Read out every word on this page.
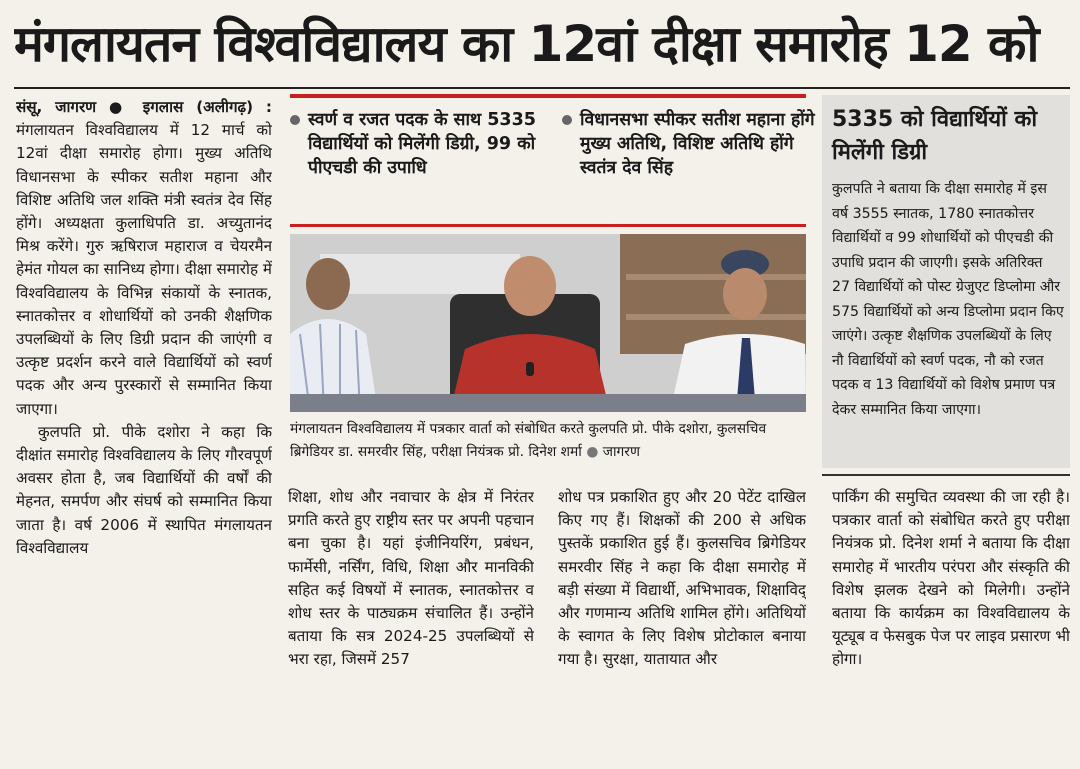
मंगलायतन विश्वविद्यालय का 12वां दीक्षा समारोह 12 को

संसू, जागरण ● इगलास (अलीगढ़) : मंगलायतन विश्वविद्यालय में 12 मार्च को 12वां दीक्षा समारोह होगा। मुख्य अतिथि विधानसभा के स्पीकर सतीश महाना और विशिष्ट अतिथि जल शक्ति मंत्री स्वतंत्र देव सिंह होंगे। अध्यक्षता कुलाधिपति डा. अच्युतानंद मिश्र करेंगे। गुरु ऋषिराज महाराज व चेयरमैन हेमंत गोयल का सानिध्य होगा। दीक्षा समारोह में विश्वविद्यालय के विभिन्न संकायों के स्नातक, स्नातकोत्तर व शोधार्थियों को उनकी शैक्षणिक उपलब्धियों के लिए डिग्री प्रदान की जाएंगी व उत्कृष्ट प्रदर्शन करने वाले विद्यार्थियों को स्वर्ण पदक और अन्य पुरस्कारों से सम्मानित किया जाएगा।

कुलपति प्रो. पीके दशोरा ने कहा कि दीक्षांत समारोह विश्वविद्यालय के लिए गौरवपूर्ण अवसर होता है, जब विद्यार्थियों की वर्षों की मेहनत, समर्पण और संघर्ष को सम्मानित किया जाता है। वर्ष 2006 में स्थापित मंगलायतन विश्वविद्यालय

स्वर्ण व रजत पदक के साथ 5335 विद्यार्थियों को मिलेंगी डिग्री, 99 को पीएचडी की उपाधि
विधानसभा स्पीकर सतीश महाना होंगे मुख्य अतिथि, विशिष्ट अतिथि होंगे स्वतंत्र देव सिंह
मंगलायतन विश्वविद्यालय में पत्रकार वार्ता को संबोधित करते कुलपति प्रो. पीके दशोरा, कुलसचिव ब्रिगेडियर डा. समरवीर सिंह, परीक्षा नियंत्रक प्रो. दिनेश शर्मा ● जागरण

शिक्षा, शोध और नवाचार के क्षेत्र में निरंतर प्रगति करते हुए राष्ट्रीय स्तर पर अपनी पहचान बना चुका है। यहां इंजीनियरिंग, प्रबंधन, फार्मेसी, नर्सिंग, विधि, शिक्षा और मानविकी सहित कई विषयों में स्नातक, स्नातकोत्तर व शोध स्तर के पाठ्यक्रम संचालित हैं। उन्होंने बताया कि सत्र 2024-25 उपलब्धियों से भरा रहा, जिसमें 257

शोध पत्र प्रकाशित हुए और 20 पेटेंट दाखिल किए गए हैं। शिक्षकों की 200 से अधिक पुस्तकें प्रकाशित हुई हैं। कुलसचिव ब्रिगेडियर समरवीर सिंह ने कहा कि दीक्षा समारोह में बड़ी संख्या में विद्यार्थी, अभिभावक, शिक्षाविद् और गणमान्य अतिथि शामिल होंगे। अतिथियों के स्वागत के लिए विशेष प्रोटोकाल बनाया गया है। सुरक्षा, यातायात और

5335 को विद्यार्थियों को मिलेंगी डिग्री
कुलपति ने बताया कि दीक्षा समारोह में इस वर्ष 3555 स्नातक, 1780 स्नातकोत्तर विद्यार्थियों व 99 शोधार्थियों को पीएचडी की उपाधि प्रदान की जाएगी। इसके अतिरिक्त 27 विद्यार्थियों को पोस्ट ग्रेजुएट डिप्लोमा और 575 विद्यार्थियों को अन्य डिप्लोमा प्रदान किए जाएंगे। उत्कृष्ट शैक्षणिक उपलब्धियों के लिए नौ विद्यार्थियों को स्वर्ण पदक, नौ को रजत पदक व 13 विद्यार्थियों को विशेष प्रमाण पत्र देकर सम्मानित किया जाएगा।

पार्किंग की समुचित व्यवस्था की जा रही है। पत्रकार वार्ता को संबोधित करते हुए परीक्षा नियंत्रक प्रो. दिनेश शर्मा ने बताया कि दीक्षा समारोह में भारतीय परंपरा और संस्कृति की विशेष झलक देखने को मिलेगी। उन्होंने बताया कि कार्यक्रम का विश्वविद्यालय के यूट्यूब व फेसबुक पेज पर लाइव प्रसारण भी होगा।
